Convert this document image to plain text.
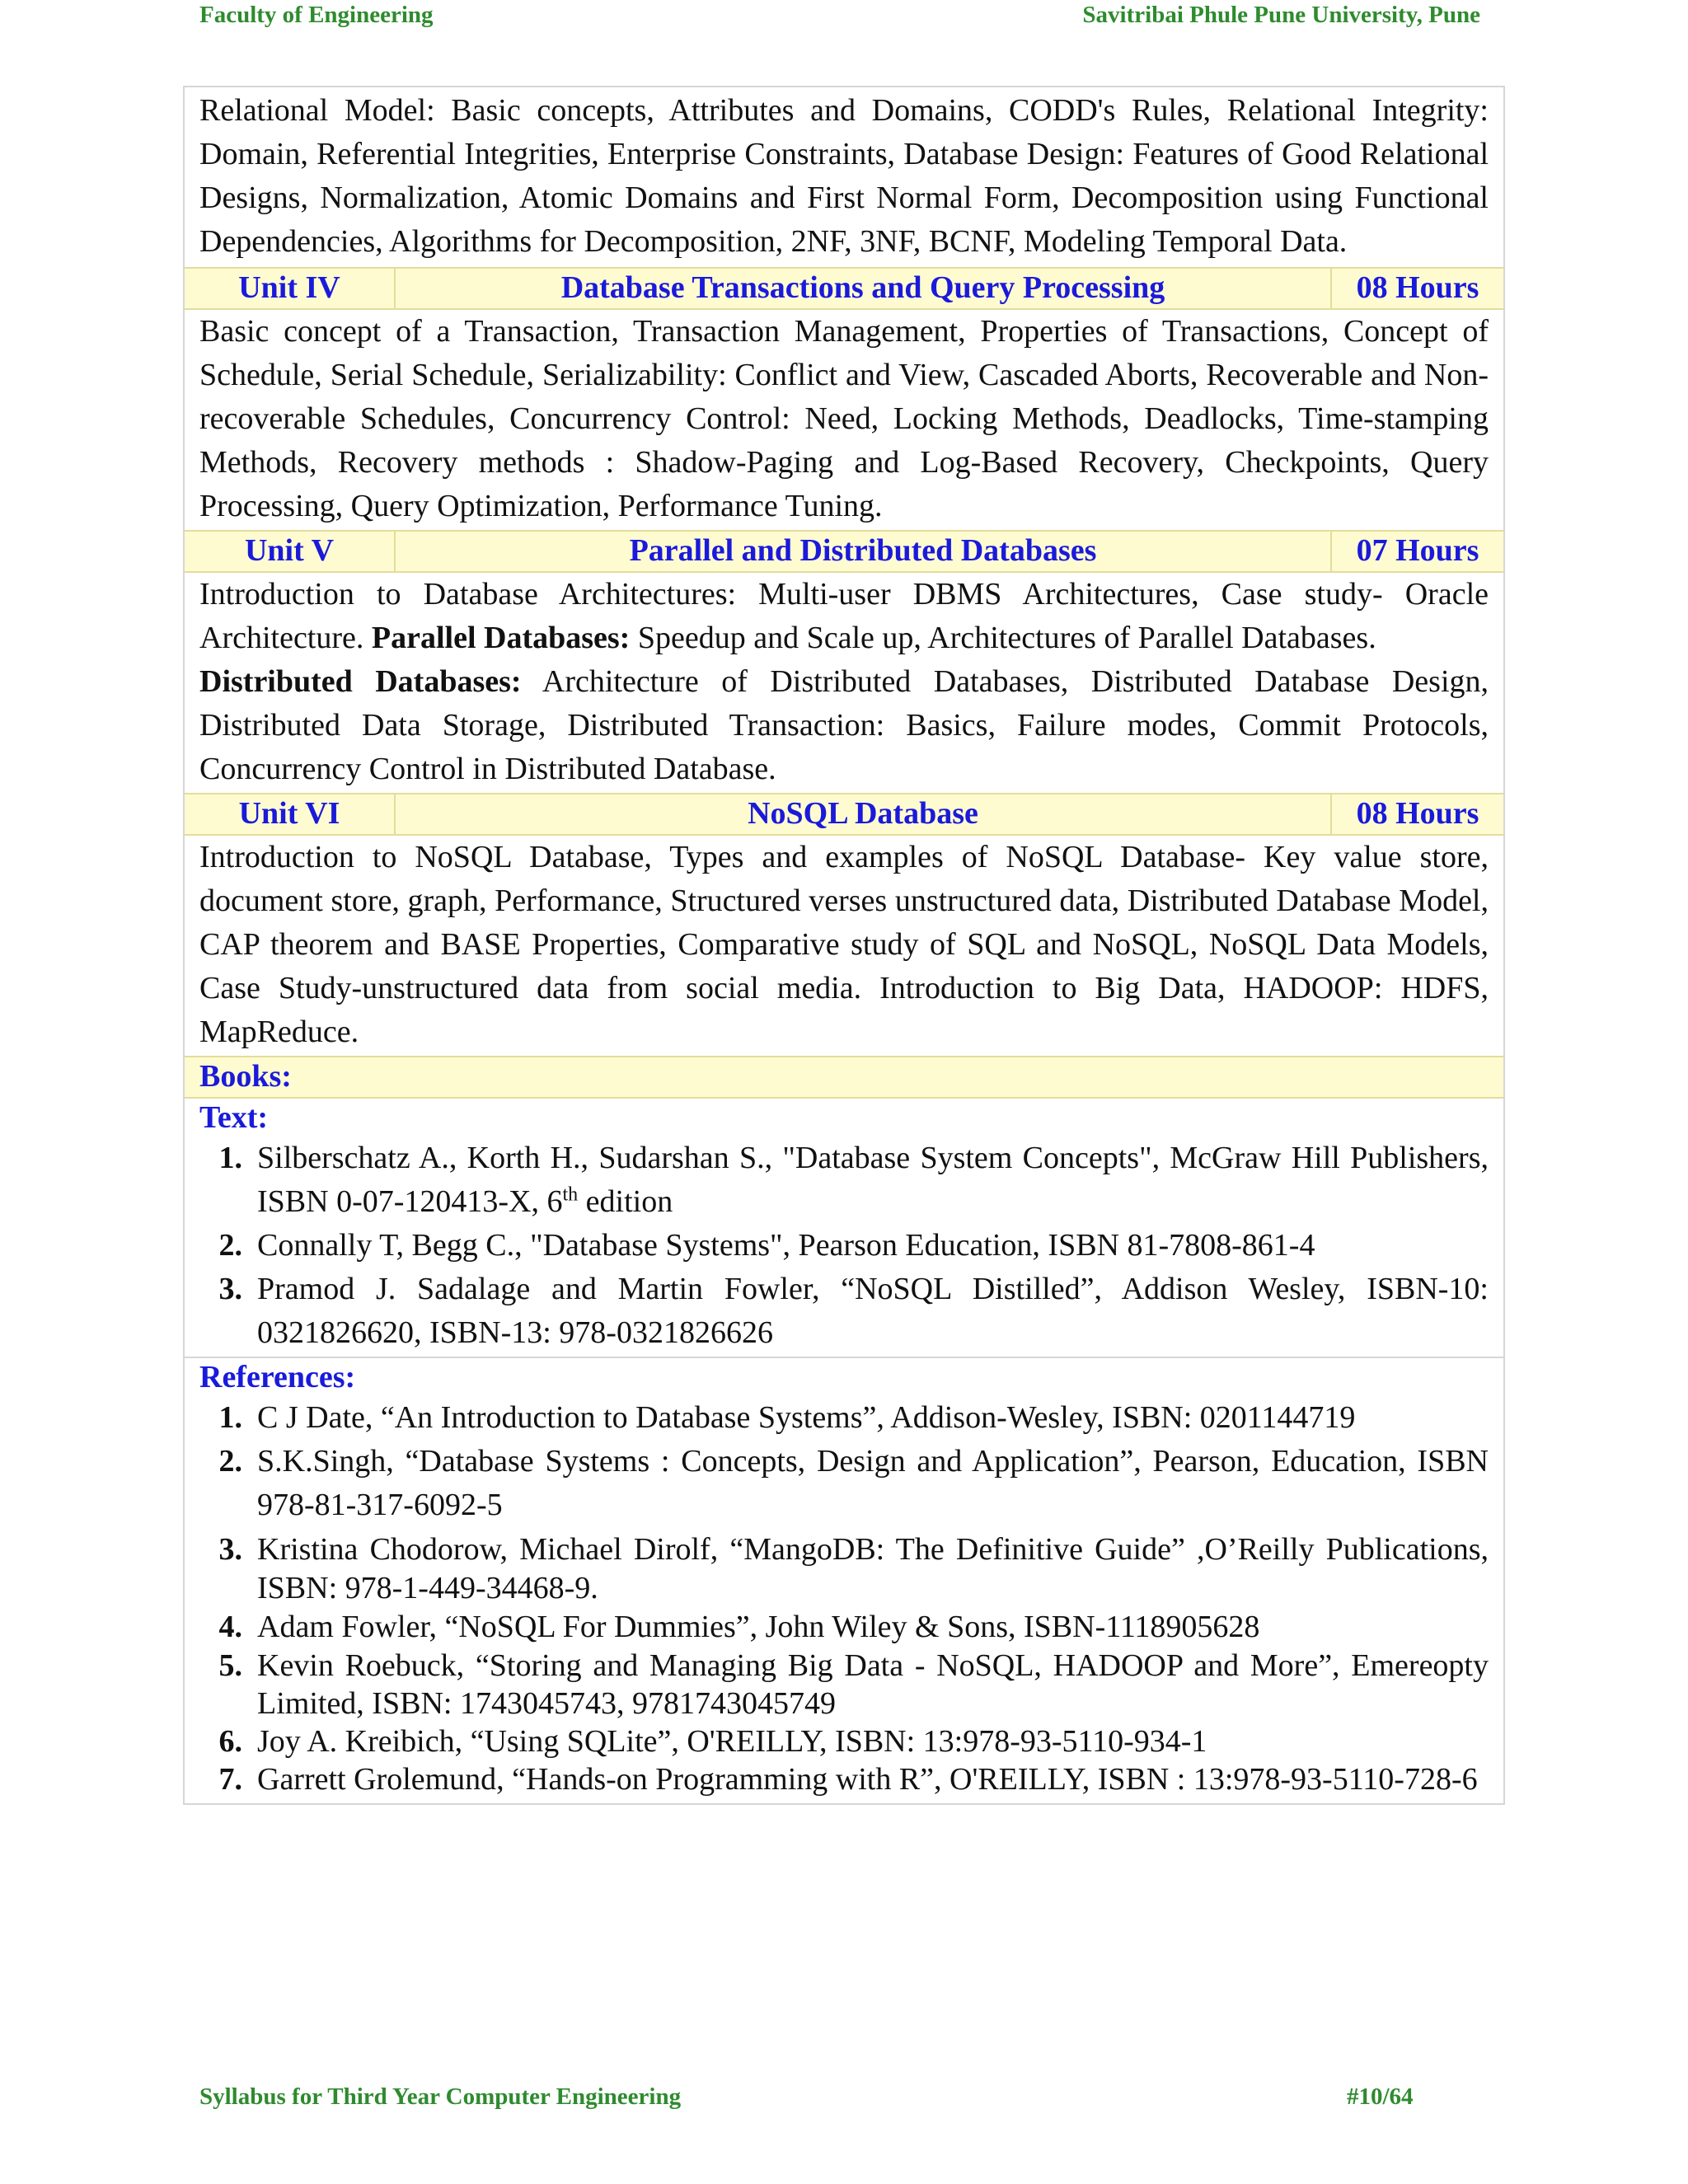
Faculty of Engineering	Savitribai Phule Pune University, Pune
Relational Model: Basic concepts, Attributes and Domains, CODD's Rules, Relational Integrity: Domain, Referential Integrities, Enterprise Constraints, Database Design: Features of Good Relational Designs, Normalization, Atomic Domains and First Normal Form, Decomposition using Functional Dependencies, Algorithms for Decomposition, 2NF, 3NF, BCNF, Modeling Temporal Data.
Unit IV	Database Transactions and Query Processing	08 Hours
Basic concept of a Transaction, Transaction Management, Properties of Transactions, Concept of Schedule, Serial Schedule, Serializability: Conflict and View, Cascaded Aborts, Recoverable and Non-recoverable Schedules, Concurrency Control: Need, Locking Methods, Deadlocks, Time-stamping Methods, Recovery methods : Shadow-Paging and Log-Based Recovery, Checkpoints, Query Processing, Query Optimization, Performance Tuning.
Unit V	Parallel and Distributed Databases	07 Hours
Introduction to Database Architectures: Multi-user DBMS Architectures, Case study- Oracle Architecture. Parallel Databases: Speedup and Scale up, Architectures of Parallel Databases.
Distributed Databases: Architecture of Distributed Databases, Distributed Database Design, Distributed Data Storage, Distributed Transaction: Basics, Failure modes, Commit Protocols, Concurrency Control in Distributed Database.
Unit VI	NoSQL Database	08 Hours
Introduction to NoSQL Database, Types and examples of NoSQL Database- Key value store, document store, graph, Performance, Structured verses unstructured data, Distributed Database Model, CAP theorem and BASE Properties, Comparative study of SQL and NoSQL, NoSQL Data Models, Case Study-unstructured data from social media. Introduction to Big Data, HADOOP: HDFS, MapReduce.
Books:
Text:
1. Silberschatz A., Korth H., Sudarshan S., "Database System Concepts", McGraw Hill Publishers, ISBN 0-07-120413-X, 6th edition
2. Connally T, Begg C., "Database Systems", Pearson Education, ISBN 81-7808-861-4
3. Pramod J. Sadalage and Martin Fowler, “NoSQL Distilled”, Addison Wesley, ISBN-10: 0321826620, ISBN-13: 978-0321826626
References:
1. C J Date, “An Introduction to Database Systems”, Addison-Wesley, ISBN: 0201144719
2. S.K.Singh, “Database Systems : Concepts, Design and Application”, Pearson, Education, ISBN 978-81-317-6092-5
3. Kristina Chodorow, Michael Dirolf, “MangoDB: The Definitive Guide” ,O’Reilly Publications, ISBN: 978-1-449-34468-9.
4. Adam Fowler, “NoSQL For Dummies”, John Wiley & Sons, ISBN-1118905628
5. Kevin Roebuck, “Storing and Managing Big Data - NoSQL, HADOOP and More”, Emereopty Limited, ISBN: 1743045743, 9781743045749
6. Joy A. Kreibich, “Using SQLite”, O'REILLY, ISBN: 13:978-93-5110-934-1
7. Garrett Grolemund, “Hands-on Programming with R”, O'REILLY, ISBN : 13:978-93-5110-728-6
Syllabus for Third Year Computer Engineering	#10/64
